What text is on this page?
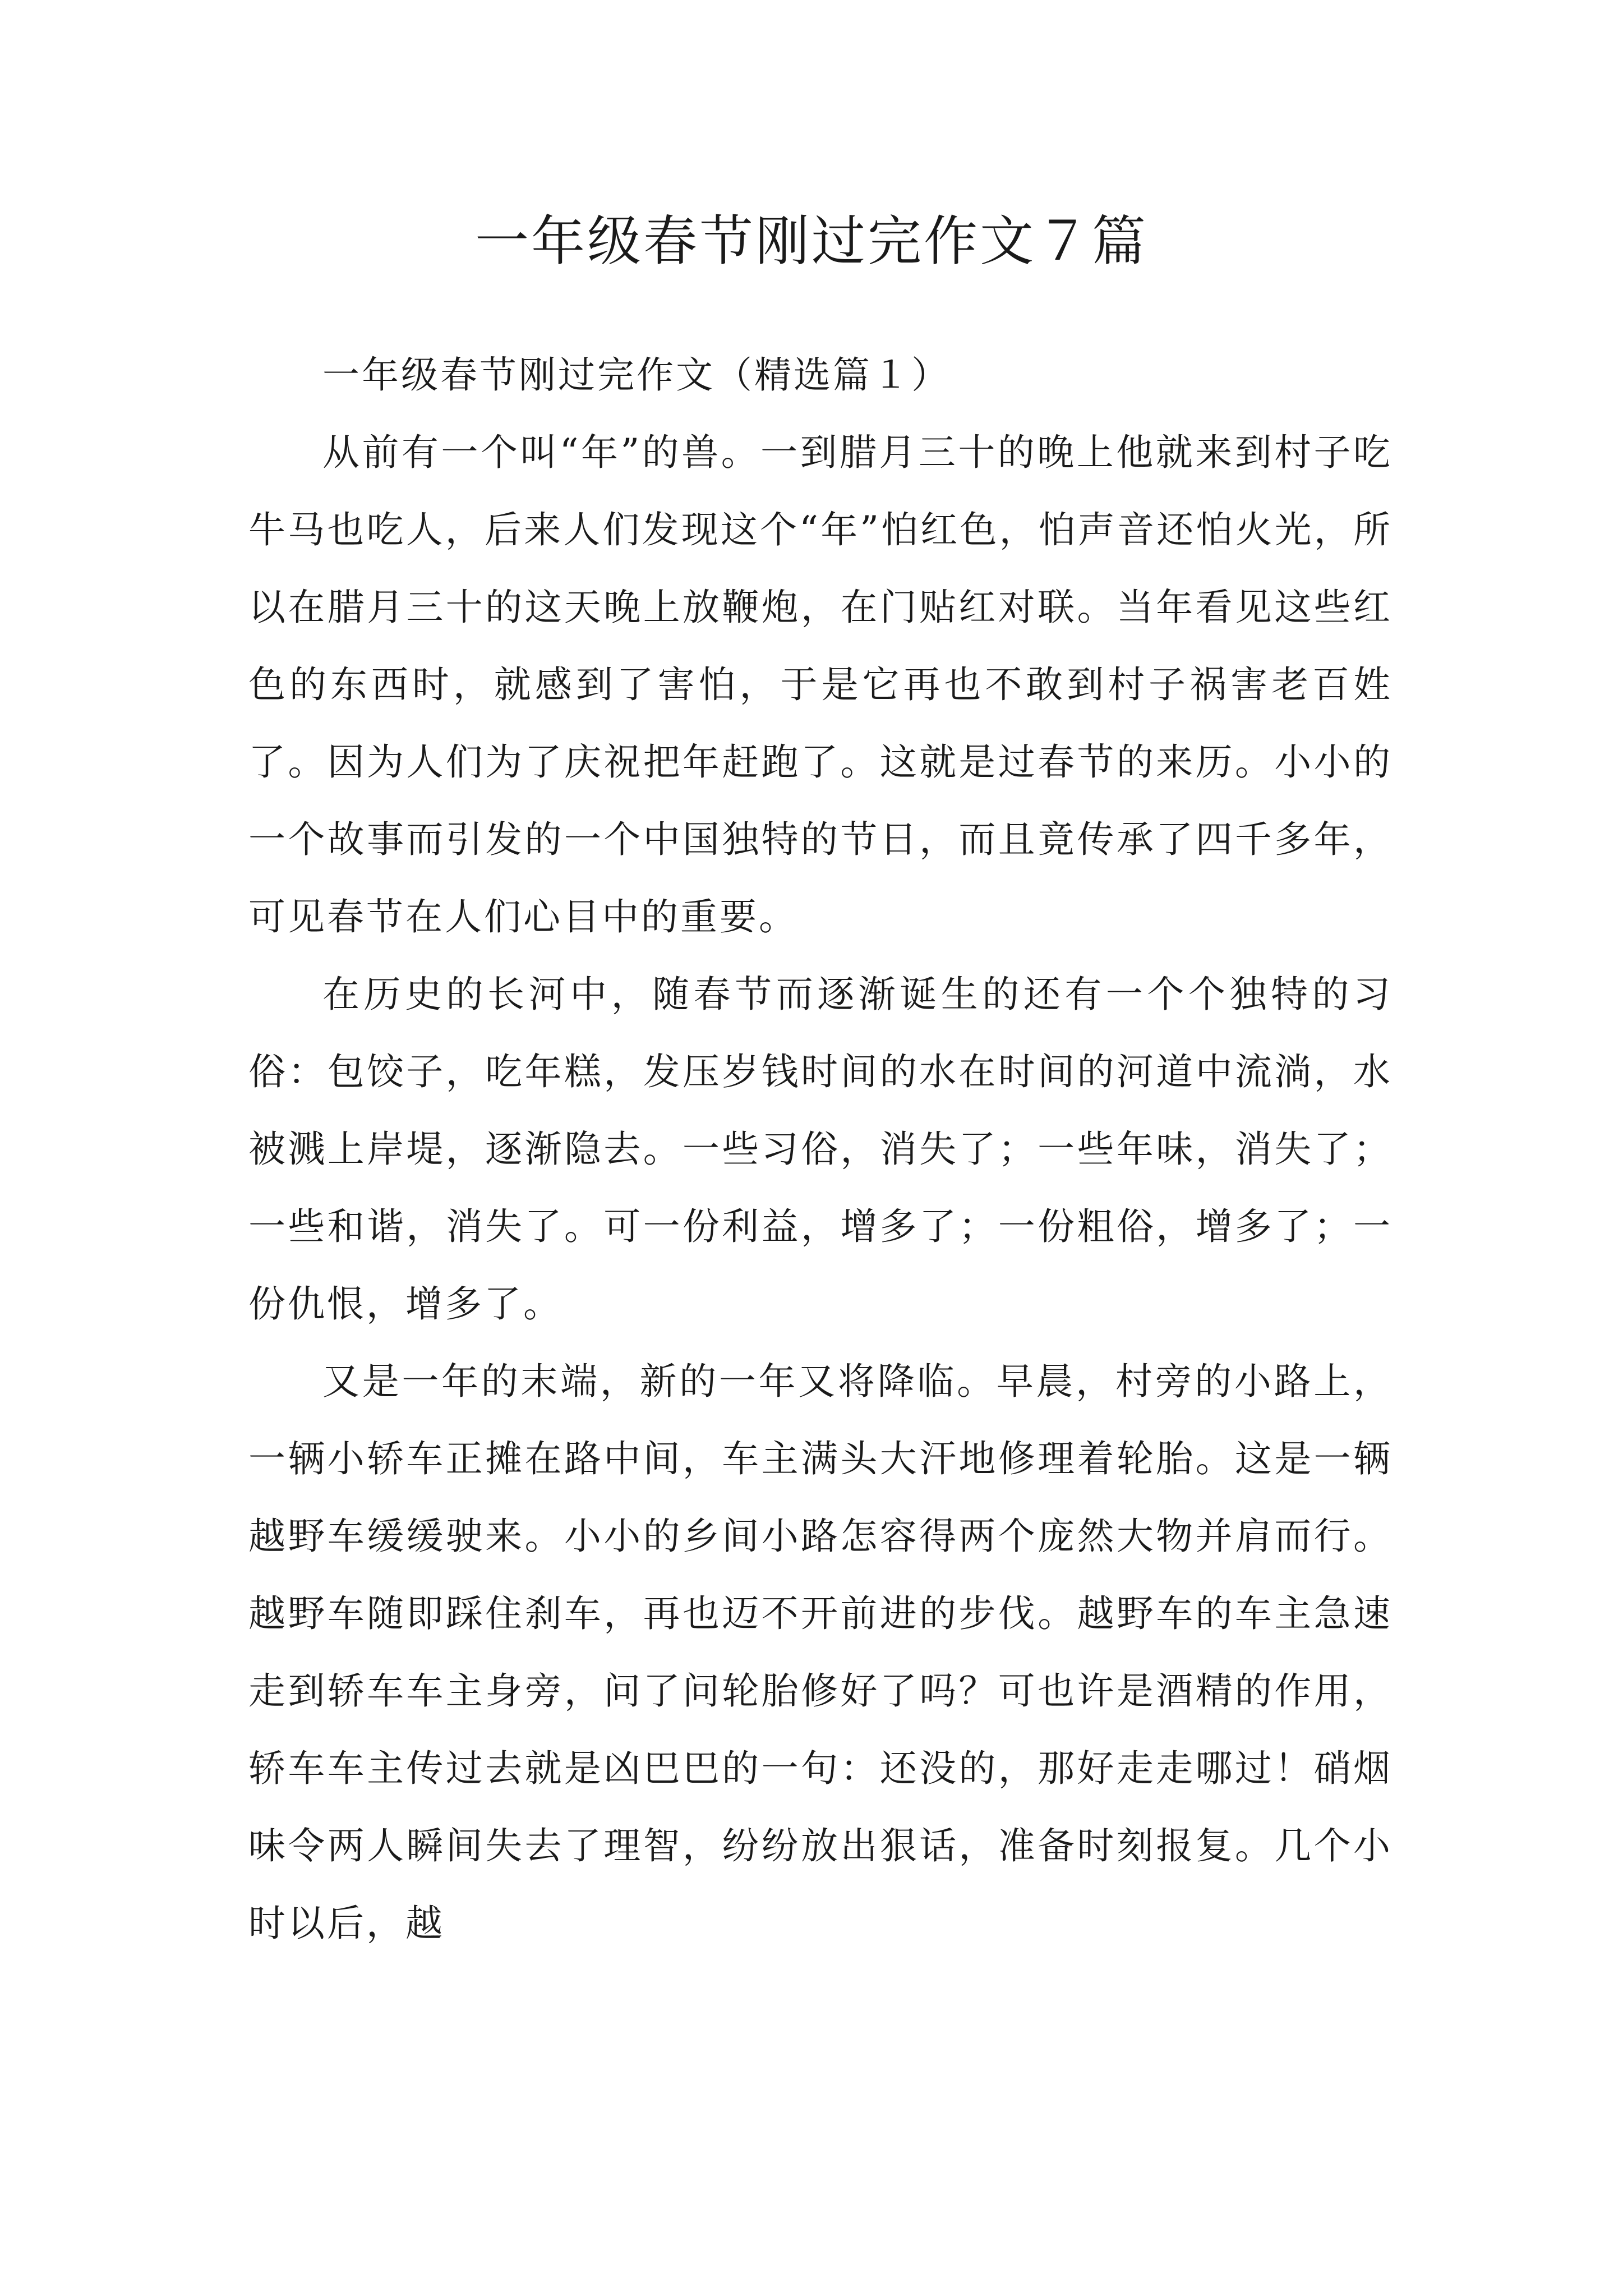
一年级春节刚过完作文７篇

一年级春节刚过完作文（精选篇１）

从前有一个叫“年”的兽。一到腊月三十的晚上他就来到村子吃牛马也吃人，后来人们发现这个“年”怕红色，怕声音还怕火光，所以在腊月三十的这天晚上放鞭炮，在门贴红对联。当年看见这些红色的东西时，就感到了害怕，于是它再也不敢到村子祸害老百姓了。因为人们为了庆祝把年赶跑了。这就是过春节的来历。小小的一个故事而引发的一个中国独特的节日，而且竟传承了四千多年，可见春节在人们心目中的重要。

在历史的长河中，随春节而逐渐诞生的还有一个个独特的习俗：包饺子，吃年糕，发压岁钱时间的水在时间的河道中流淌，水被溅上岸堤，逐渐隐去。一些习俗，消失了；一些年味，消失了；一些和谐，消失了。可一份利益，增多了；一份粗俗，增多了；一份仇恨，增多了。

又是一年的末端，新的一年又将降临。早晨，村旁的小路上，一辆小轿车正摊在路中间，车主满头大汗地修理着轮胎。这是一辆越野车缓缓驶来。小小的乡间小路怎容得两个庞然大物并肩而行。越野车随即踩住刹车，再也迈不开前进的步伐。越野车的车主急速走到轿车车主身旁，问了问轮胎修好了吗？可也许是酒精的作用，轿车车主传过去就是凶巴巴的一句：还没的，那好走走哪过！硝烟味令两人瞬间失去了理智，纷纷放出狠话，准备时刻报复。几个小时以后，越
